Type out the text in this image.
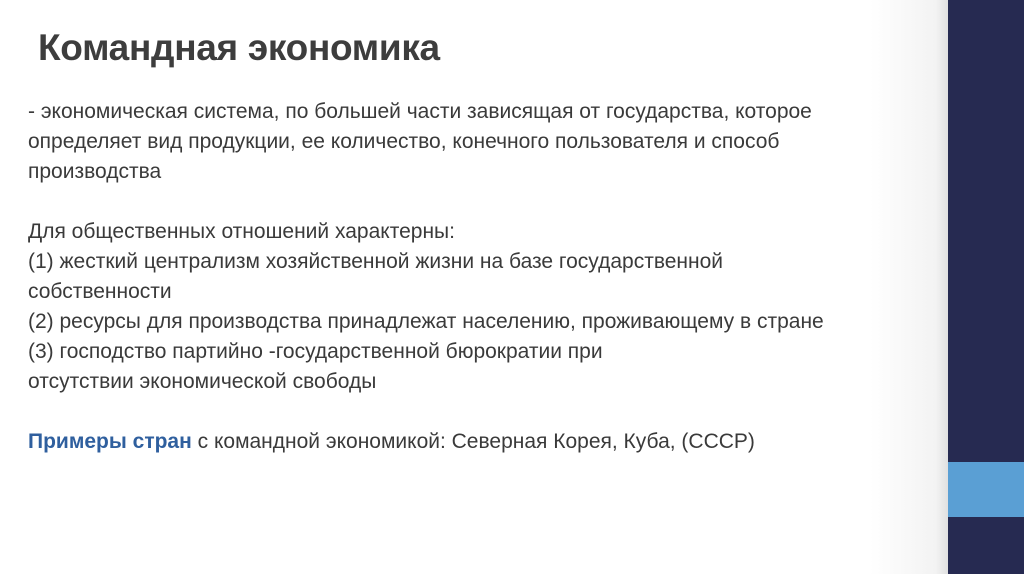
Командная экономика

- экономическая система, по большей части зависящая от государства, которое

определяет вид продукции, ее количество, конечного пользователя и способ

производства

Для общественных отношений характерны:

(1) жесткий централизм хозяйственной жизни на базе государственной

собственности

(2) ресурсы для производства принадлежат населению, проживающему в стране

(3) господство партийно -государственной бюрократии при

отсутствии экономической свободы

Примеры стран с командной экономикой: Северная Корея, Куба, (СССР)
